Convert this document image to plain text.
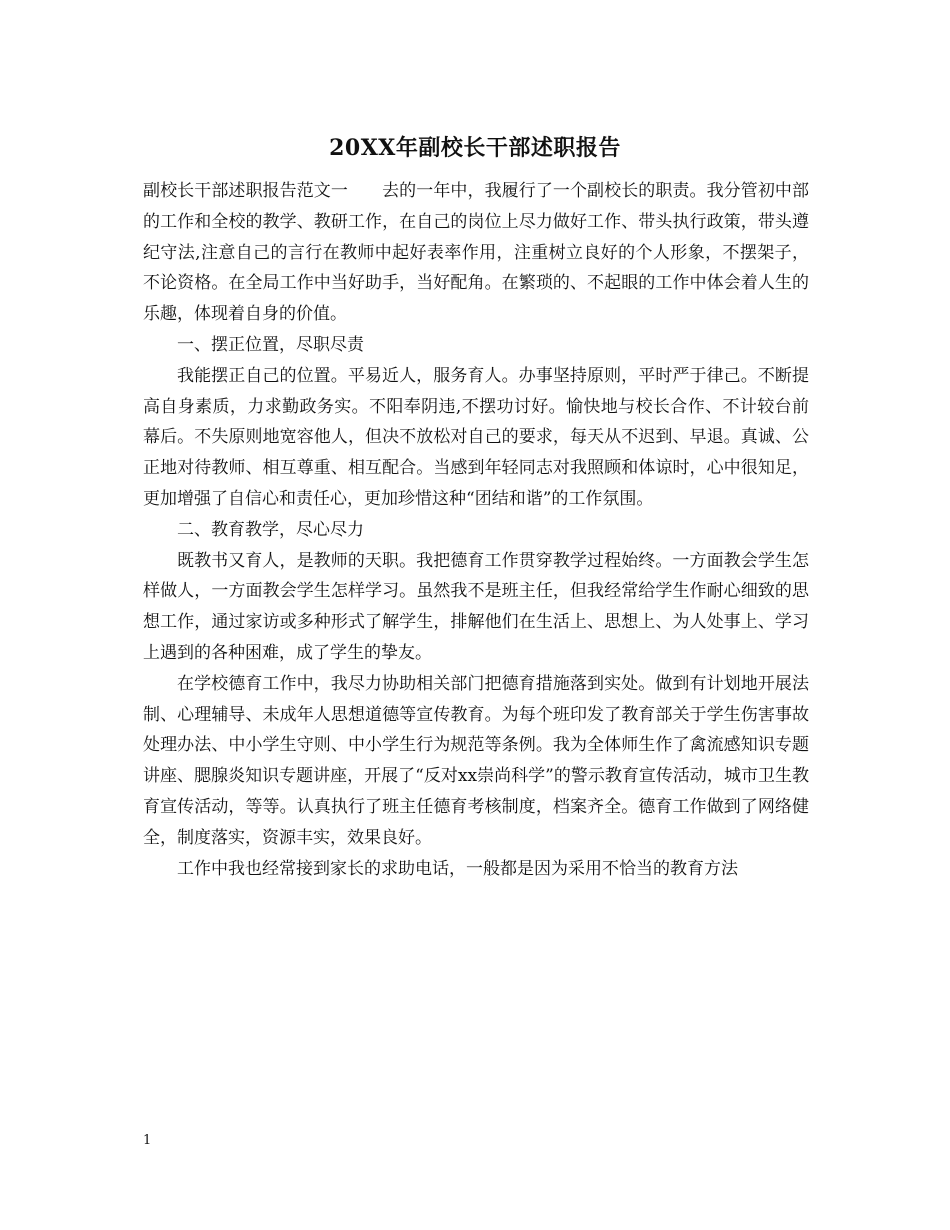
20XX年副校长干部述职报告

副校长干部述职报告范文一　　去的一年中，我履行了一个副校长的职责。我分管初中部的工作和全校的教学、教研工作，在自己的岗位上尽力做好工作、带头执行政策，带头遵纪守法,注意自己的言行在教师中起好表率作用，注重树立良好的个人形象，不摆架子，不论资格。在全局工作中当好助手，当好配角。在繁琐的、不起眼的工作中体会着人生的乐趣，体现着自身的价值。

一、摆正位置，尽职尽责

我能摆正自己的位置。平易近人，服务育人。办事坚持原则，平时严于律己。不断提高自身素质，力求勤政务实。不阳奉阴违,不摆功讨好。愉快地与校长合作、不计较台前幕后。不失原则地宽容他人，但决不放松对自己的要求，每天从不迟到、早退。真诚、公正地对待教师、相互尊重、相互配合。当感到年轻同志对我照顾和体谅时，心中很知足，更加增强了自信心和责任心，更加珍惜这种“团结和谐”的工作氛围。

二、教育教学，尽心尽力

既教书又育人，是教师的天职。我把德育工作贯穿教学过程始终。一方面教会学生怎样做人，一方面教会学生怎样学习。虽然我不是班主任，但我经常给学生作耐心细致的思想工作，通过家访或多种形式了解学生，排解他们在生活上、思想上、为人处事上、学习上遇到的各种困难，成了学生的挚友。

在学校德育工作中，我尽力协助相关部门把德育措施落到实处。做到有计划地开展法制、心理辅导、未成年人思想道德等宣传教育。为每个班印发了教育部关于学生伤害事故处理办法、中小学生守则、中小学生行为规范等条例。我为全体师生作了禽流感知识专题讲座、腮腺炎知识专题讲座，开展了“反对xx崇尚科学”的警示教育宣传活动，城市卫生教育宣传活动，等等。认真执行了班主任德育考核制度，档案齐全。德育工作做到了网络健全，制度落实，资源丰实，效果良好。

工作中我也经常接到家长的求助电话，一般都是因为采用不恰当的教育方法

1
